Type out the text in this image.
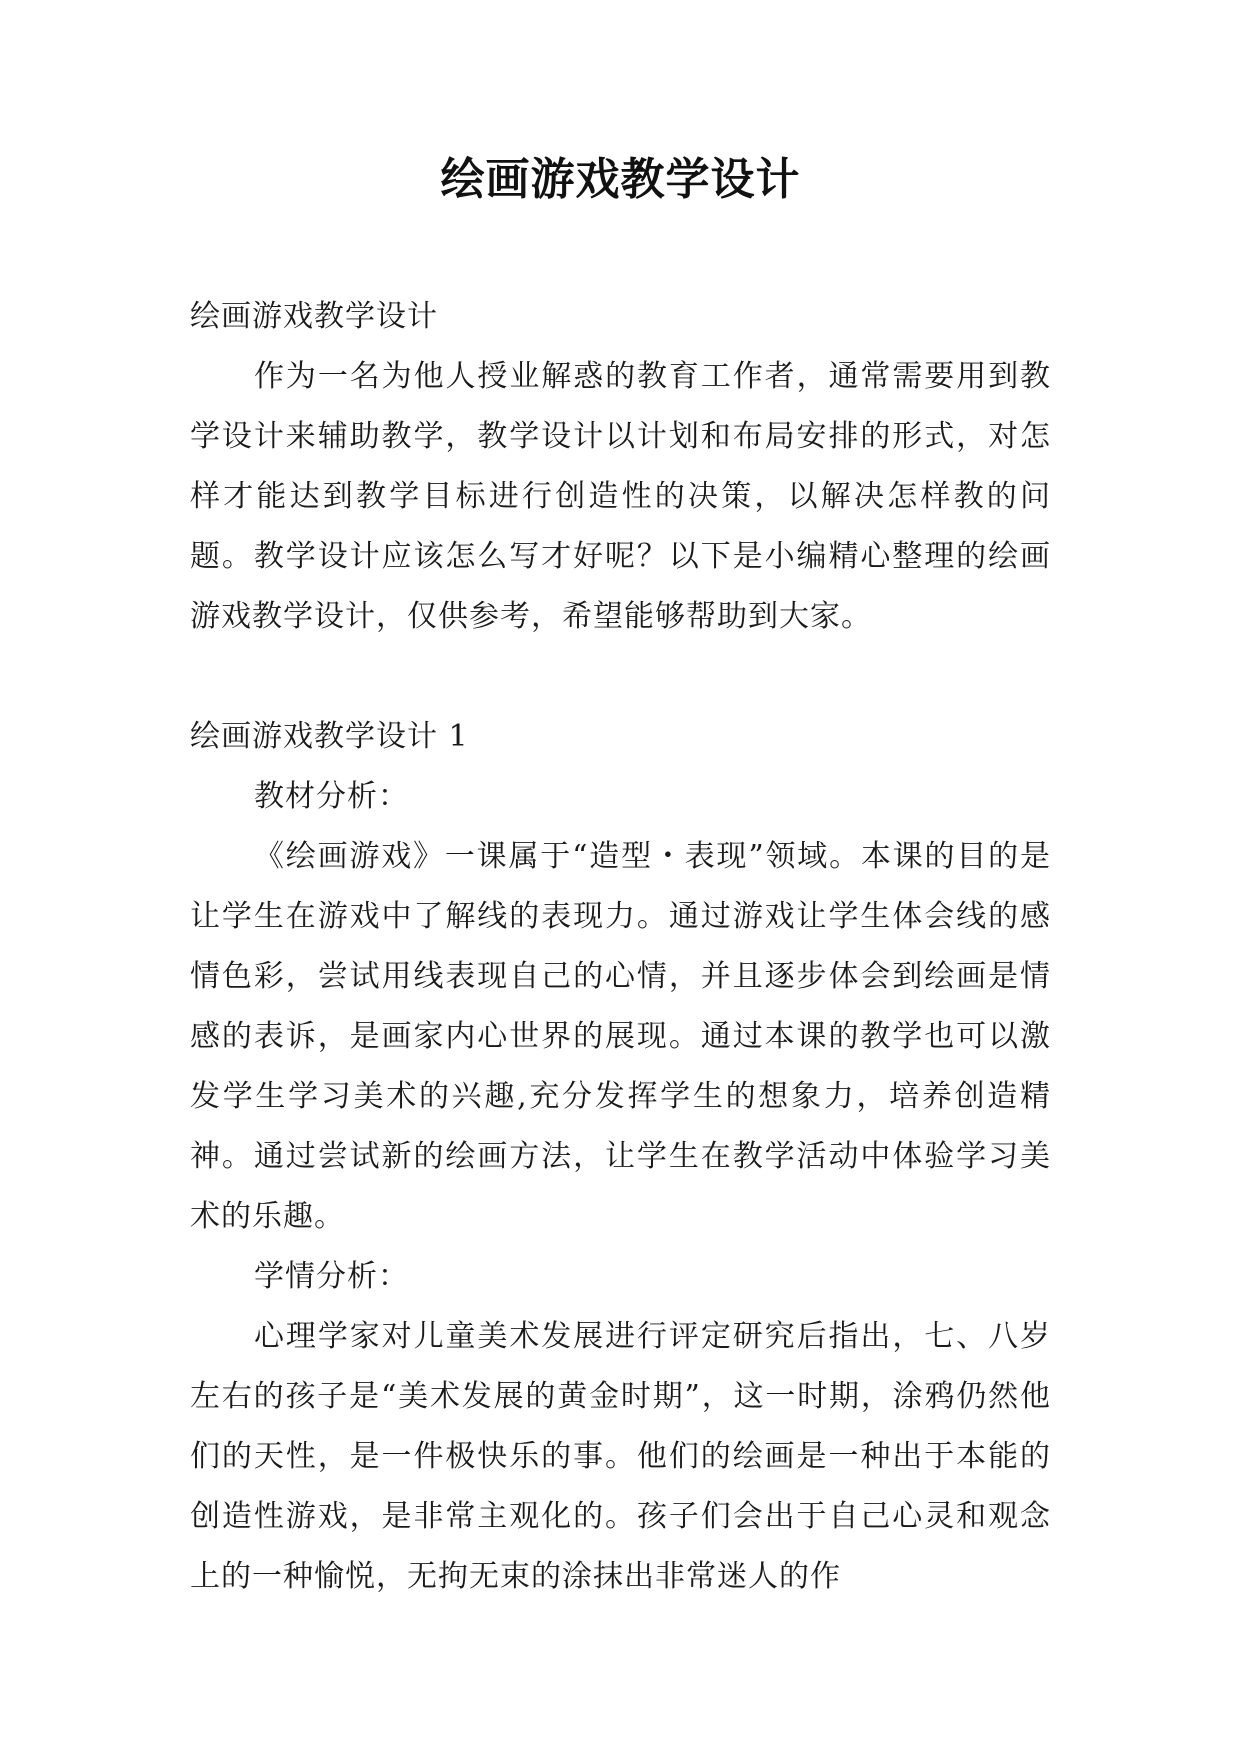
绘画游戏教学设计

绘画游戏教学设计

作为一名为他人授业解惑的教育工作者，通常需要用到教学设计来辅助教学，教学设计以计划和布局安排的形式，对怎样才能达到教学目标进行创造性的决策，以解决怎样教的问题。教学设计应该怎么写才好呢？以下是小编精心整理的绘画游戏教学设计，仅供参考，希望能够帮助到大家。

绘画游戏教学设计 1

教材分析：

《绘画游戏》一课属于“造型・表现”领域。本课的目的是让学生在游戏中了解线的表现力。通过游戏让学生体会线的感情色彩，尝试用线表现自己的心情，并且逐步体会到绘画是情感的表诉，是画家内心世界的展现。通过本课的教学也可以激发学生学习美术的兴趣,充分发挥学生的想象力，培养创造精神。通过尝试新的绘画方法，让学生在教学活动中体验学习美术的乐趣。

学情分析：

心理学家对儿童美术发展进行评定研究后指出，七、八岁左右的孩子是“美术发展的黄金时期”，这一时期，涂鸦仍然他们的天性，是一件极快乐的事。他们的绘画是一种出于本能的创造性游戏，是非常主观化的。孩子们会出于自己心灵和观念上的一种愉悦，无拘无束的涂抹出非常迷人的作
